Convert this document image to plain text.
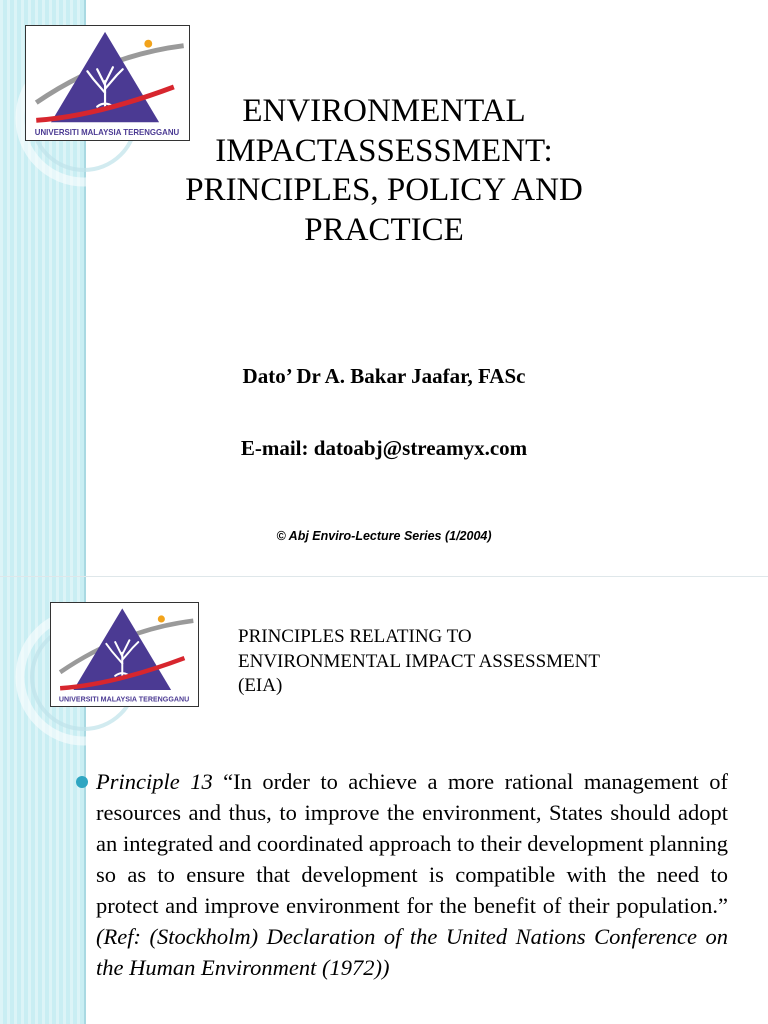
UNIVERSITI MALAYSIA TERENGGANU
ENVIRONMENTAL
IMPACTASSESSMENT:
PRINCIPLES, POLICY AND
PRACTICE
Dato’ Dr A. Bakar Jaafar, FASc
E-mail: datoabj@streamyx.com
© Abj Enviro-Lecture Series (1/2004)
UNIVERSITI MALAYSIA TERENGGANU
PRINCIPLES RELATING TO
ENVIRONMENTAL IMPACT ASSESSMENT
(EIA)
Principle 13 “In order to achieve a more rational management of resources and thus, to improve the environment, States should adopt an integrated and coordinated approach to their development planning so as to ensure that development is compatible with the need to protect and improve environment for the benefit of their population.” (Ref: (Stockholm) Declaration of the United Nations Conference on the Human Environment (1972))
